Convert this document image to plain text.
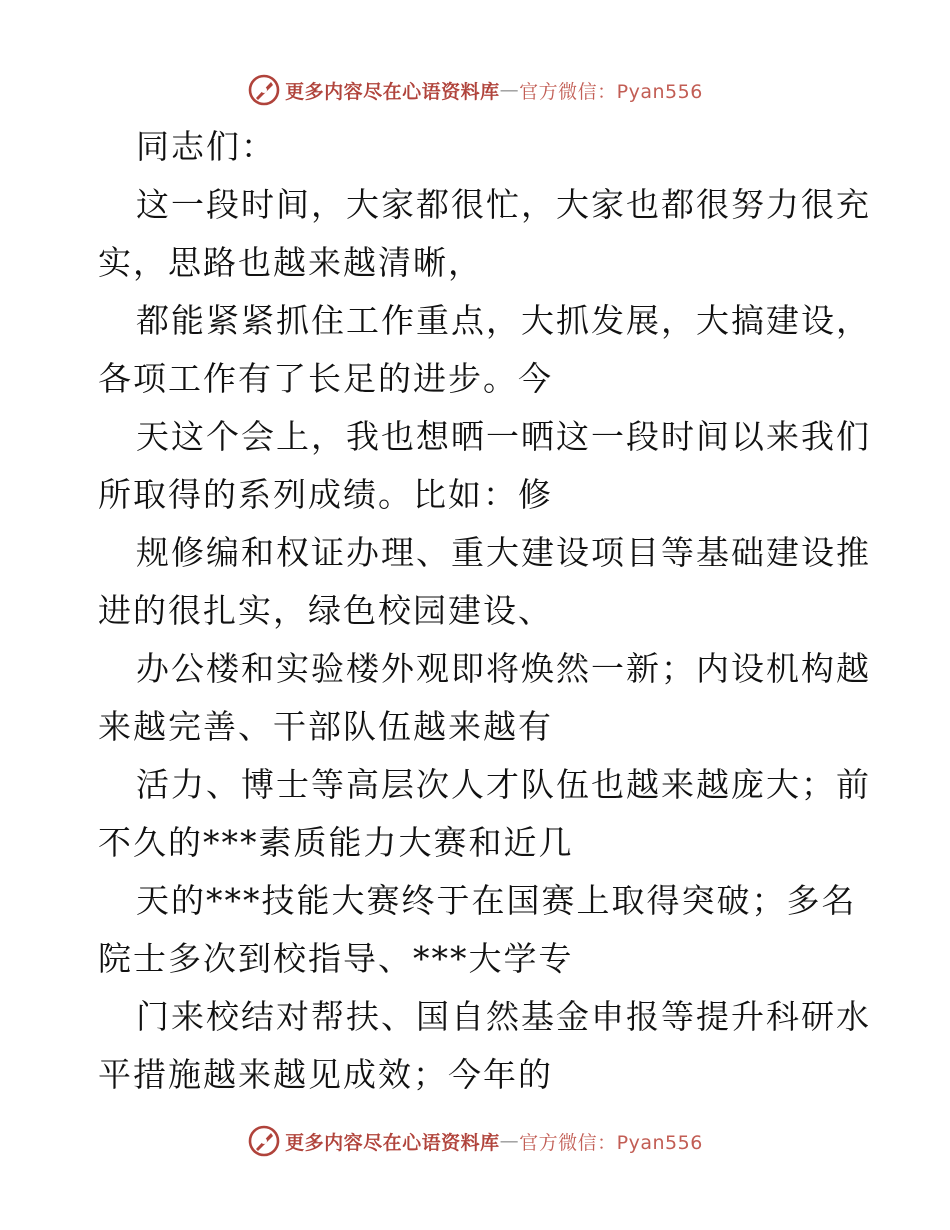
更多内容尽在心语资料库 — 官方微信：Pyan556
同志们：
这一段时间，大家都很忙，大家也都很努力很充
实，思路也越来越清晰，
都能紧紧抓住工作重点，大抓发展，大搞建设，
各项工作有了长足的进步。今
天这个会上，我也想晒一晒这一段时间以来我们
所取得的系列成绩。比如：修
规修编和权证办理、重大建设项目等基础建设推
进的很扎实，绿色校园建设、
办公楼和实验楼外观即将焕然一新；内设机构越
来越完善、干部队伍越来越有
活力、博士等高层次人才队伍也越来越庞大；前
不久的***素质能力大赛和近几
天的***技能大赛终于在国赛上取得突破；多名
院士多次到校指导、***大学专
门来校结对帮扶、国自然基金申报等提升科研水
平措施越来越见成效；今年的
更多内容尽在心语资料库 — 官方微信：Pyan556
